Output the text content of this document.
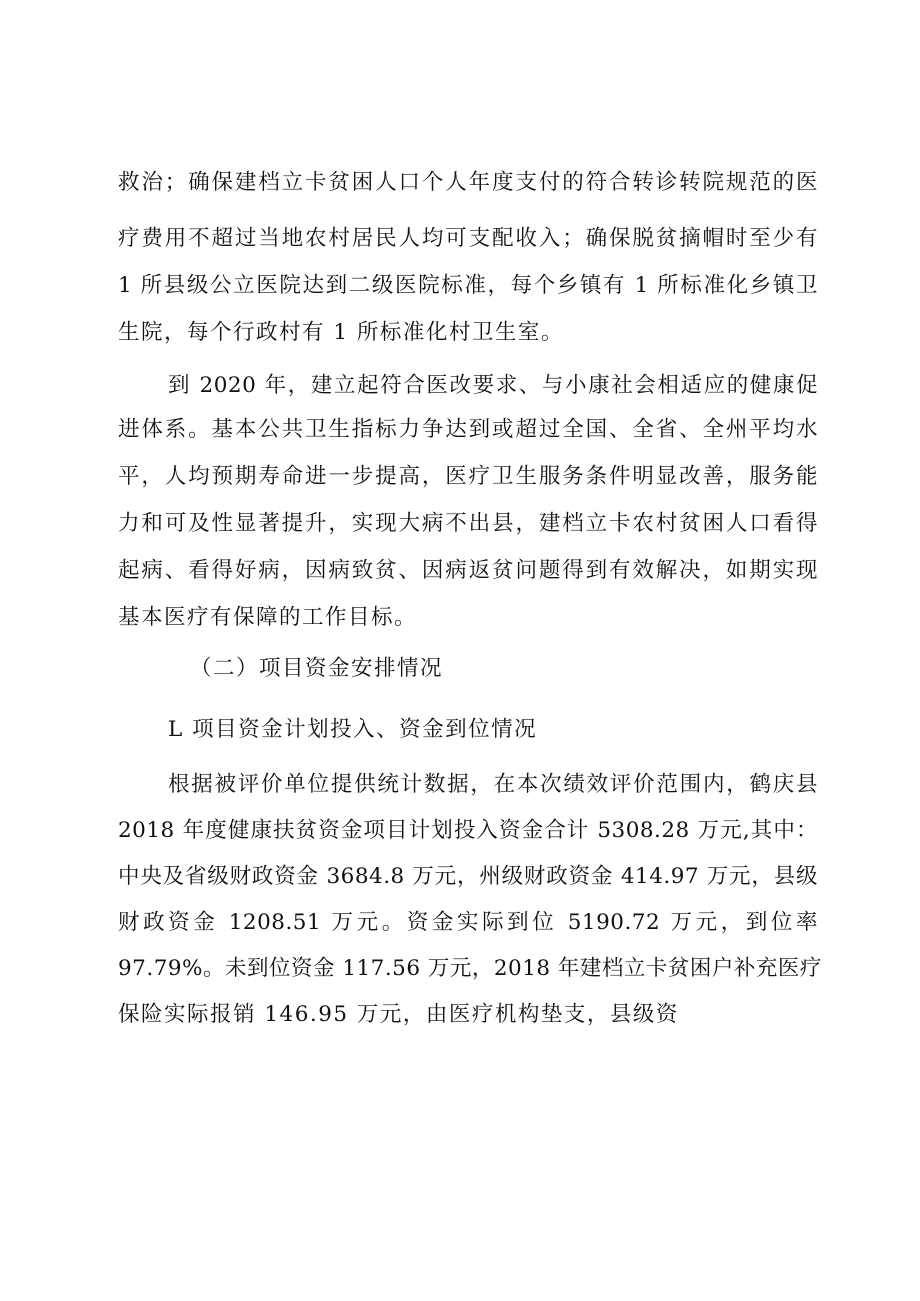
救治；确保建档立卡贫困人口个人年度支付的符合转诊转院规范的医
疗费用不超过当地农村居民人均可支配收入；确保脱贫摘帽时至少有
1 所县级公立医院达到二级医院标准，每个乡镇有 1 所标准化乡镇卫
生院，每个行政村有 1 所标准化村卫生室。
到 2020 年，建立起符合医改要求、与小康社会相适应的健康促
进体系。基本公共卫生指标力争达到或超过全国、全省、全州平均水
平，人均预期寿命进一步提高，医疗卫生服务条件明显改善，服务能
力和可及性显著提升，实现大病不出县，建档立卡农村贫困人口看得
起病、看得好病，因病致贫、因病返贫问题得到有效解决，如期实现
基本医疗有保障的工作目标。
（二）项目资金安排情况
L 项目资金计划投入、资金到位情况
根据被评价单位提供统计数据，在本次绩效评价范围内，鹤庆县
2018 年度健康扶贫资金项目计划投入资金合计 5308.28 万元,其中：
中央及省级财政资金 3684.8 万元，州级财政资金 414.97 万元，县级
财政资金 1208.51 万元。资金实际到位 5190.72 万元，到位率
97.79%。未到位资金 117.56 万元，2018 年建档立卡贫困户补充医疗
保险实际报销 146.95 万元，由医疗机构垫支，县级资
